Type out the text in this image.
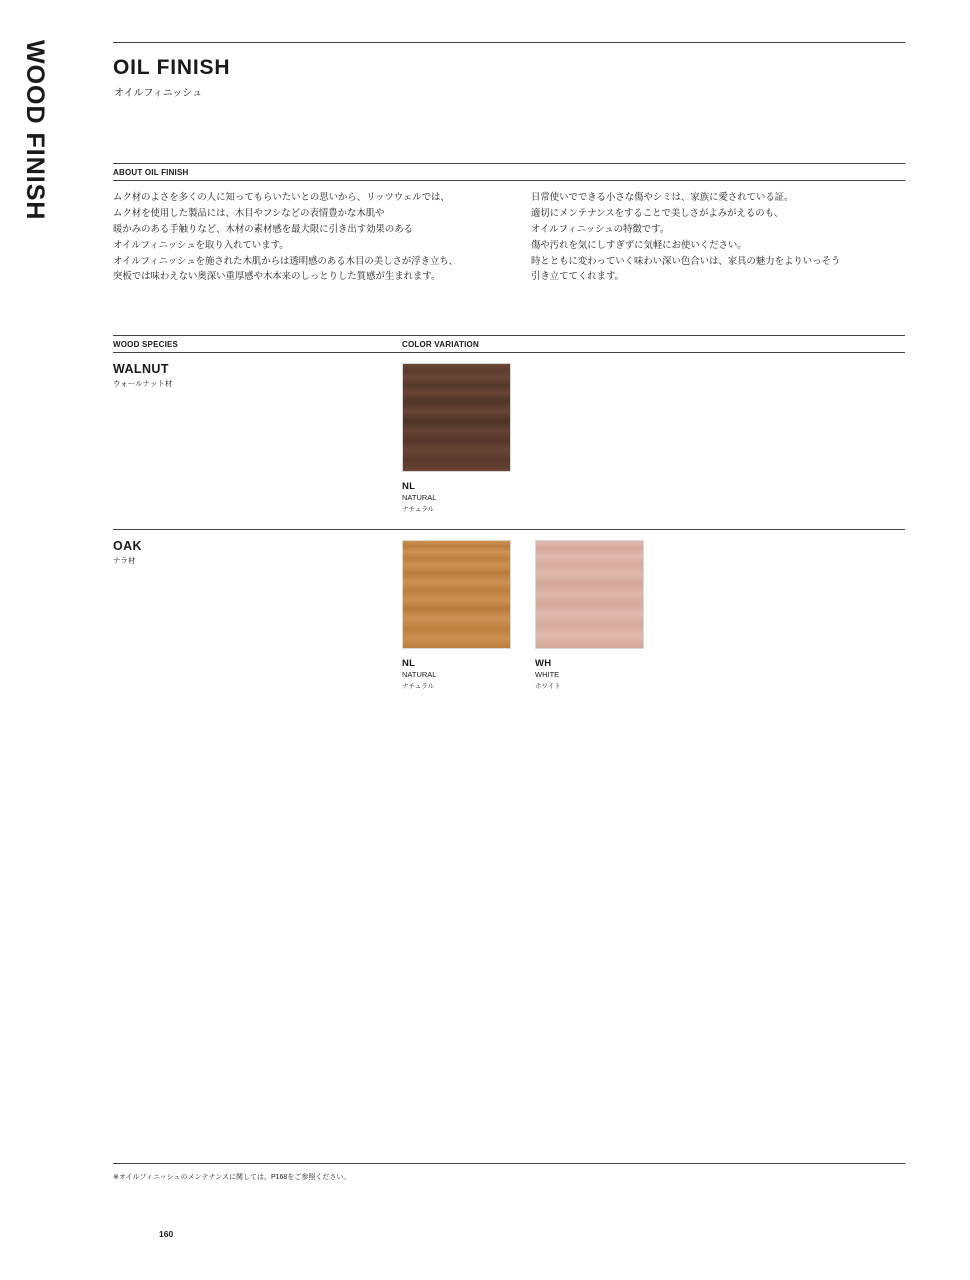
WOOD FINISH	OIL FINISH
オイルフィニッシュ
ABOUT OIL FINISH
ムク材のよさを多くの人に知ってもらいたいとの思いから、リッツウェルでは、
ムク材を使用した製品には、木目やフシなどの表情豊かな木肌や
暖かみのある手触りなど、木材の素材感を最大限に引き出す効果のある
オイルフィニッシュを取り入れています。
オイルフィニッシュを施された木肌からは透明感のある木目の美しさが浮き立ち、
突板では味わえない奥深い重厚感や木本来のしっとりした質感が生まれます。
日常使いでできる小さな傷やシミは、家族に愛されている証。
適切にメンテナンスをすることで美しさがよみがえるのも、
オイルフィニッシュの特徴です。
傷や汚れを気にしすぎずに気軽にお使いください。
時とともに変わっていく味わい深い色合いは、家具の魅力をよりいっそう
引き立ててくれます。
WOOD SPECIES	COLOR VARIATION
WALNUT
ウォールナット材
NL
NATURAL
ナチュラル
OAK
ナラ材
NL
NATURAL
ナチュラル
WH
WHITE
ホワイト
※オイルフィニッシュのメンテナンスに関しては、P168をご参照ください。
160
